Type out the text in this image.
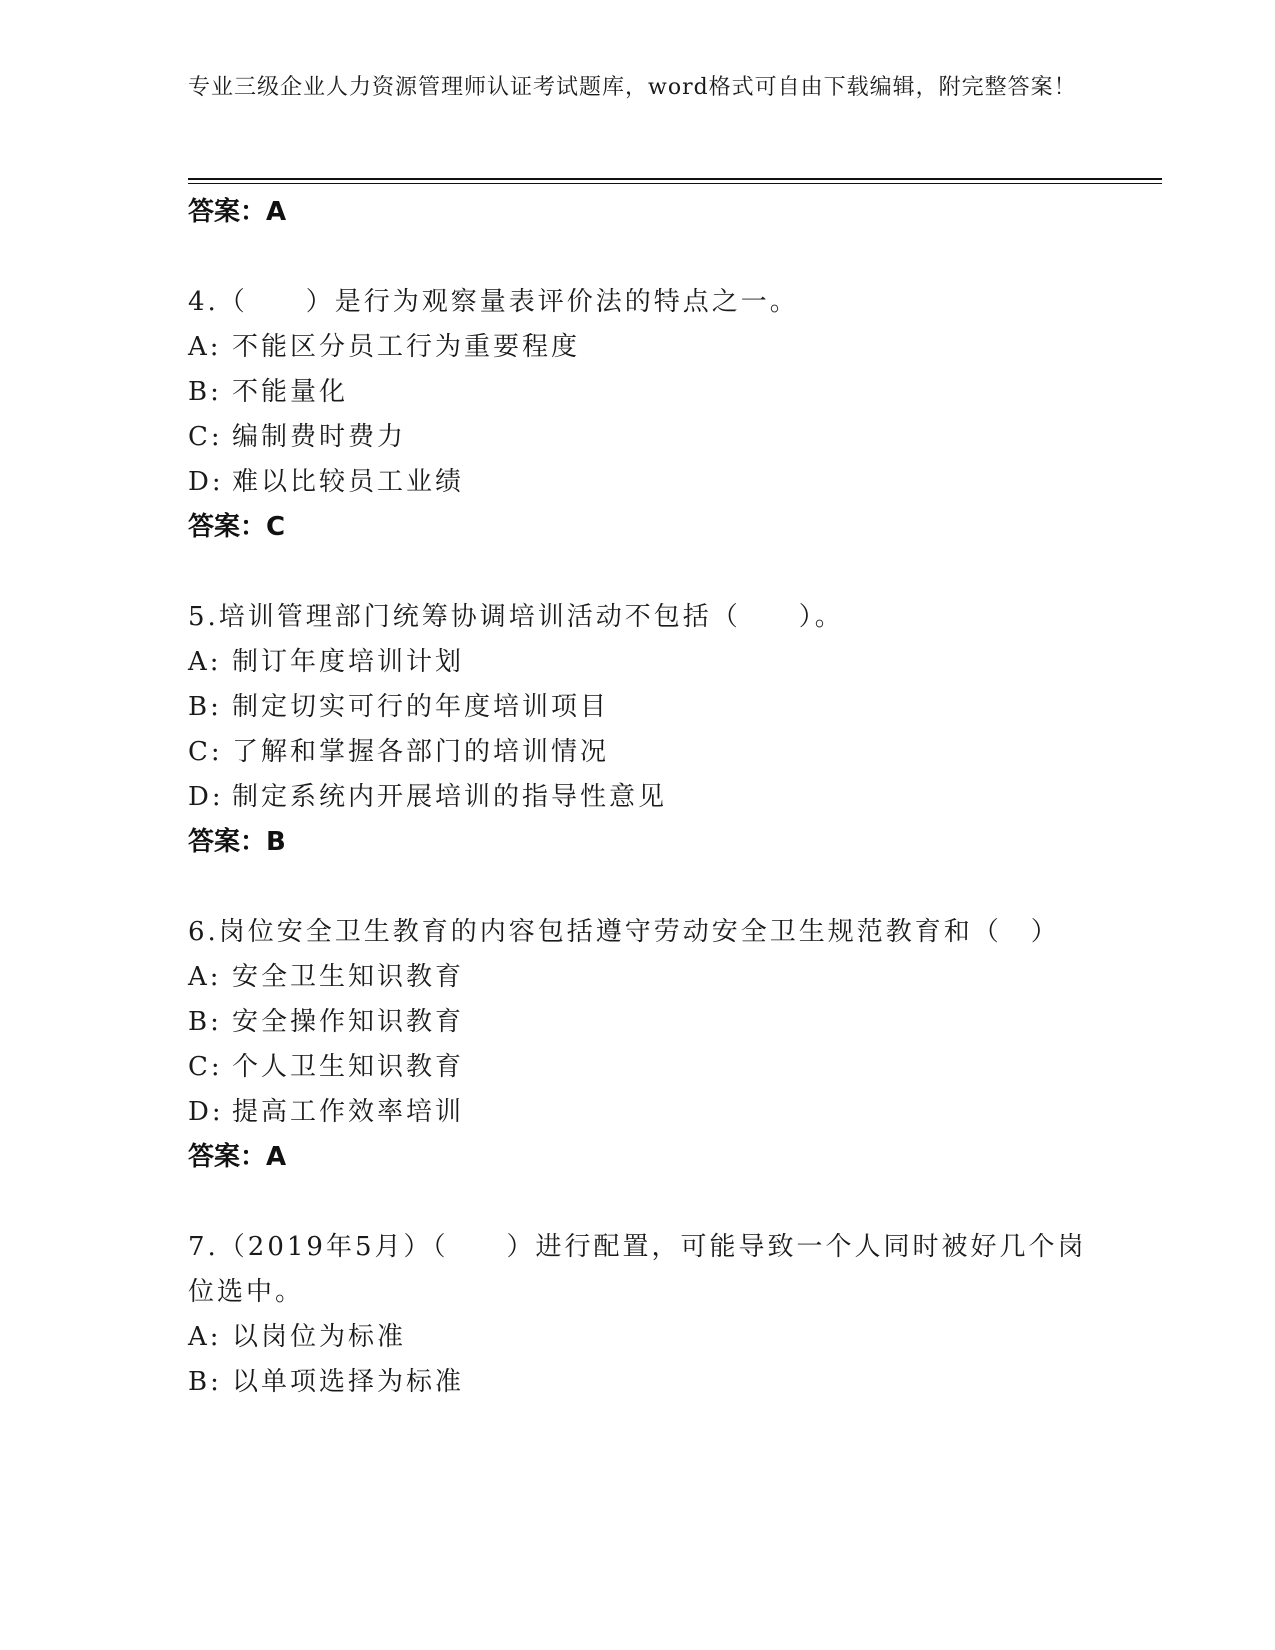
专业三级企业人力资源管理师认证考试题库，word格式可自由下载编辑，附完整答案！

答案：A

4.（　　）是行为观察量表评价法的特点之一。

A: 不能区分员工行为重要程度

B: 不能量化

C: 编制费时费力

D: 难以比较员工业绩

答案：C

5.培训管理部门统筹协调培训活动不包括（　　）。

A: 制订年度培训计划

B: 制定切实可行的年度培训项目

C: 了解和掌握各部门的培训情况

D: 制定系统内开展培训的指导性意见

答案：B

6.岗位安全卫生教育的内容包括遵守劳动安全卫生规范教育和（　）

A: 安全卫生知识教育

B: 安全操作知识教育

C: 个人卫生知识教育

D: 提高工作效率培训

答案：A

7.（2019年5月）（　　）进行配置，可能导致一个人同时被好几个岗位选中。

A: 以岗位为标准

B: 以单项选择为标准
